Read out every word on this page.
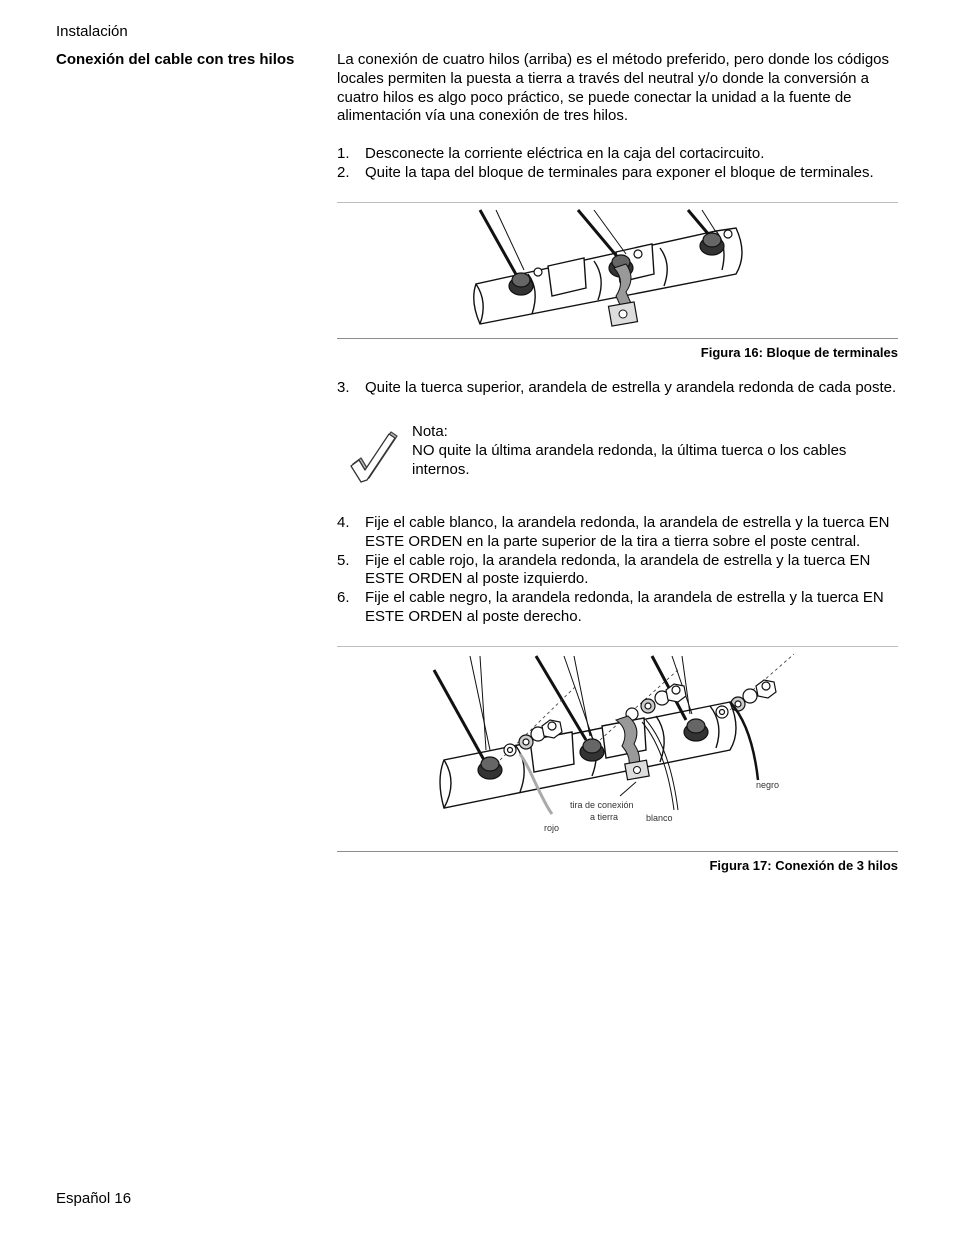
Instalación
Conexión del cable con tres hilos	La conexión de cuatro hilos (arriba) es el método preferido, pero donde los códigos locales permiten la puesta a tierra a través del neutral y/o donde la conversión a cuatro hilos es algo poco práctico, se puede conectar la unidad a la fuente de alimentación vía una conexión de tres hilos.
1. Desconecte la corriente eléctrica en la caja del cortacircuito.
2. Quite la tapa del bloque de terminales para exponer el bloque de terminales.
Figura 16: Bloque de terminales
3. Quite la tuerca superior, arandela de estrella y arandela redonda de cada poste.
Nota:
NO quite la última arandela redonda, la última tuerca o los cables internos.
4. Fije el cable blanco, la arandela redonda, la arandela de estrella y la tuerca EN ESTE ORDEN en la parte superior de la tira a tierra sobre el poste central.
5. Fije el cable rojo, la arandela redonda, la arandela de estrella y la tuerca EN ESTE ORDEN al poste izquierdo.
6. Fije el cable negro, la arandela redonda, la arandela de estrella y la tuerca EN ESTE ORDEN al poste derecho.
negro
tira de conexión
a tierra	blanco
rojo
Figura 17: Conexión de 3 hilos
Español 16
